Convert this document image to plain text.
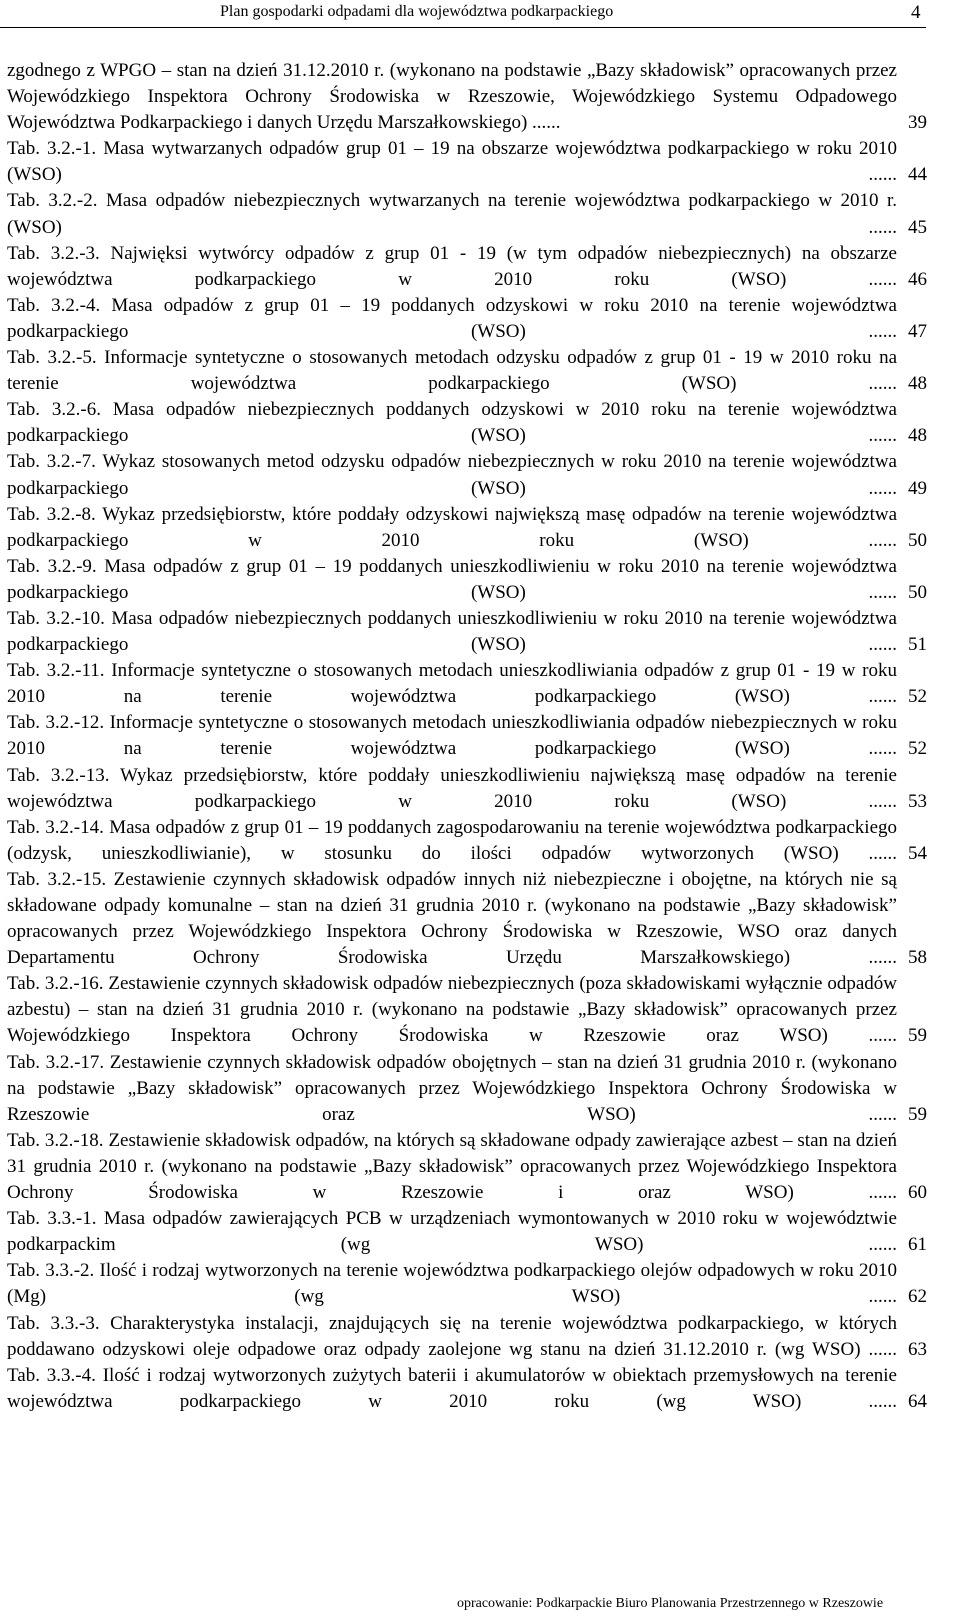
Plan gospodarki odpadami dla województwa podkarpackiego	4
zgodnego z WPGO – stan na dzień 31.12.2010 r. (wykonano na podstawie „Bazy składowisk” opracowanych przez Wojewódzkiego Inspektora Ochrony Środowiska w Rzeszowie, Wojewódzkiego Systemu Odpadowego Województwa Podkarpackiego i danych Urzędu Marszałkowskiego) ......	39
Tab. 3.2.-1. Masa wytwarzanych odpadów grup 01 – 19 na obszarze województwa podkarpackiego w roku 2010 (WSO) ...... 44
Tab. 3.2.-2. Masa odpadów niebezpiecznych wytwarzanych na terenie województwa podkarpackiego w 2010 r. (WSO) ...... 45
Tab. 3.2.-3. Najwięksi wytwórcy odpadów z grup 01 - 19 (w tym odpadów niebezpiecznych) na obszarze województwa podkarpackiego w 2010 roku (WSO) ...... 46
Tab. 3.2.-4. Masa odpadów z grup 01 – 19 poddanych odzyskowi w roku 2010 na terenie województwa podkarpackiego (WSO) ...... 47
Tab. 3.2.-5. Informacje syntetyczne o stosowanych metodach odzysku odpadów z grup 01 - 19 w 2010 roku na terenie województwa podkarpackiego (WSO) ...... 48
Tab. 3.2.-6. Masa odpadów niebezpiecznych poddanych odzyskowi w 2010 roku na terenie województwa podkarpackiego (WSO) ...... 48
Tab. 3.2.-7. Wykaz stosowanych metod odzysku odpadów niebezpiecznych w roku 2010 na terenie województwa podkarpackiego (WSO) ...... 49
Tab. 3.2.-8. Wykaz przedsiębiorstw, które poddały odzyskowi największą masę odpadów na terenie województwa podkarpackiego w 2010 roku (WSO) ...... 50
Tab. 3.2.-9. Masa odpadów z grup 01 – 19 poddanych unieszkodliwieniu w roku 2010 na terenie województwa podkarpackiego (WSO) ...... 50
Tab. 3.2.-10. Masa odpadów niebezpiecznych poddanych unieszkodliwieniu w roku 2010 na terenie województwa podkarpackiego (WSO) ...... 51
Tab. 3.2.-11. Informacje syntetyczne o stosowanych metodach unieszkodliwiania odpadów z grup 01 - 19 w roku 2010 na terenie województwa podkarpackiego (WSO) ...... 52
Tab. 3.2.-12. Informacje syntetyczne o stosowanych metodach unieszkodliwiania odpadów niebezpiecznych w roku 2010 na terenie województwa podkarpackiego (WSO) ...... 52
Tab. 3.2.-13. Wykaz przedsiębiorstw, które poddały unieszkodliwieniu największą masę odpadów na terenie województwa podkarpackiego w 2010 roku (WSO) ...... 53
Tab. 3.2.-14. Masa odpadów z grup 01 – 19 poddanych zagospodarowaniu na terenie województwa podkarpackiego (odzysk, unieszkodliwianie), w stosunku do ilości odpadów wytworzonych (WSO) ...... 54
Tab. 3.2.-15. Zestawienie czynnych składowisk odpadów innych niż niebezpieczne i obojętne, na których nie są składowane odpady komunalne – stan na dzień 31 grudnia 2010 r. (wykonano na podstawie „Bazy składowisk” opracowanych przez Wojewódzkiego Inspektora Ochrony Środowiska w Rzeszowie, WSO oraz danych Departamentu Ochrony Środowiska Urzędu Marszałkowskiego) ...... 58
Tab. 3.2.-16. Zestawienie czynnych składowisk odpadów niebezpiecznych (poza składowiskami wyłącznie odpadów azbestu) – stan na dzień 31 grudnia 2010 r. (wykonano na podstawie „Bazy składowisk” opracowanych przez Wojewódzkiego Inspektora Ochrony Środowiska w Rzeszowie oraz WSO) ...... 59
Tab. 3.2.-17. Zestawienie czynnych składowisk odpadów obojętnych – stan na dzień 31 grudnia 2010 r. (wykonano na podstawie „Bazy składowisk” opracowanych przez Wojewódzkiego Inspektora Ochrony Środowiska w Rzeszowie oraz WSO) ...... 59
Tab. 3.2.-18. Zestawienie składowisk odpadów, na których są składowane odpady zawierające azbest – stan na dzień 31 grudnia 2010 r. (wykonano na podstawie „Bazy składowisk” opracowanych przez Wojewódzkiego Inspektora Ochrony Środowiska w Rzeszowie i oraz WSO) ...... 60
Tab. 3.3.-1. Masa odpadów zawierających PCB w urządzeniach wymontowanych w 2010 roku w województwie podkarpackim (wg WSO) ...... 61
Tab. 3.3.-2. Ilość i rodzaj wytworzonych na terenie województwa podkarpackiego olejów odpadowych w roku 2010 (Mg) (wg WSO) ...... 62
Tab. 3.3.-3. Charakterystyka instalacji, znajdujących się na terenie województwa podkarpackiego, w których poddawano odzyskowi oleje odpadowe oraz odpady zaolejone wg stanu na dzień 31.12.2010 r. (wg WSO) ...... 63
Tab. 3.3.-4. Ilość i rodzaj wytworzonych zużytych baterii i akumulatorów w obiektach przemysłowych na terenie województwa podkarpackiego w 2010 roku (wg WSO) ...... 64
opracowanie: Podkarpackie Biuro Planowania Przestrzennego w Rzeszowie
